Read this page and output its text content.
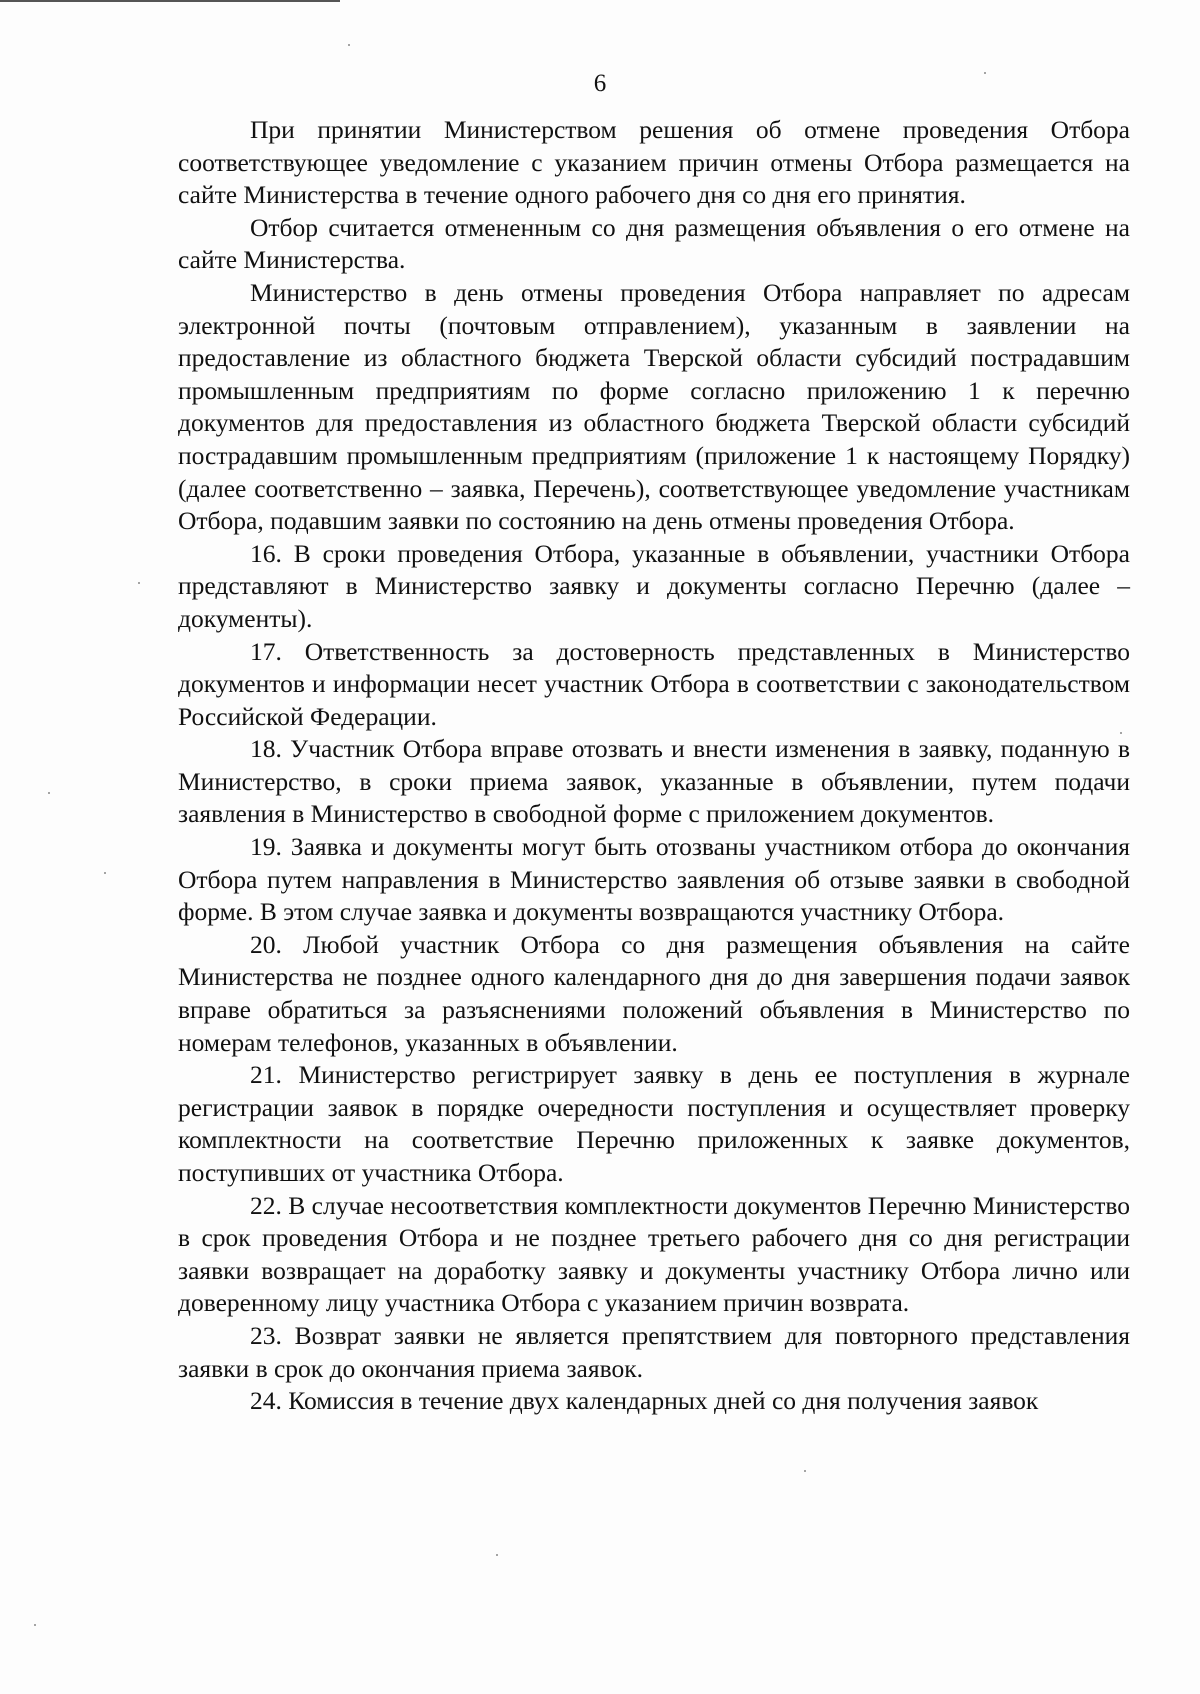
6

При принятии Министерством решения об отмене проведения Отбора соответствующее уведомление с указанием причин отмены Отбора размещается на сайте Министерства в течение одного рабочего дня со дня его принятия.

Отбор считается отмененным со дня размещения объявления о его отмене на сайте Министерства.

Министерство в день отмены проведения Отбора направляет по адресам электронной почты (почтовым отправлением), указанным в заявлении на предоставление из областного бюджета Тверской области субсидий пострадавшим промышленным предприятиям по форме согласно приложению 1 к перечню документов для предоставления из областного бюджета Тверской области субсидий пострадавшим промышленным предприятиям (приложение 1 к настоящему Порядку) (далее соответственно – заявка, Перечень), соответствующее уведомление участникам Отбора, подавшим заявки по состоянию на день отмены проведения Отбора.

16. В сроки проведения Отбора, указанные в объявлении, участники Отбора представляют в Министерство заявку и документы согласно Перечню (далее – документы).

17. Ответственность за достоверность представленных в Министерство документов и информации несет участник Отбора в соответствии с законодательством Российской Федерации.

18. Участник Отбора вправе отозвать и внести изменения в заявку, поданную в Министерство, в сроки приема заявок, указанные в объявлении, путем подачи заявления в Министерство в свободной форме с приложением документов.

19. Заявка и документы могут быть отозваны участником отбора до окончания Отбора путем направления в Министерство заявления об отзыве заявки в свободной форме. В этом случае заявка и документы возвращаются участнику Отбора.

20. Любой участник Отбора со дня размещения объявления на сайте Министерства не позднее одного календарного дня до дня завершения подачи заявок вправе обратиться за разъяснениями положений объявления в Министерство по номерам телефонов, указанных в объявлении.

21. Министерство регистрирует заявку в день ее поступления в журнале регистрации заявок в порядке очередности поступления и осуществляет проверку комплектности на соответствие Перечню приложенных к заявке документов, поступивших от участника Отбора.

22. В случае несоответствия комплектности документов Перечню Министерство в срок проведения Отбора и не позднее третьего рабочего дня со дня регистрации заявки возвращает на доработку заявку и документы участнику Отбора лично или доверенному лицу участника Отбора с указанием причин возврата.

23. Возврат заявки не является препятствием для повторного представления заявки в срок до окончания приема заявок.

24. Комиссия в течение двух календарных дней со дня получения заявок
